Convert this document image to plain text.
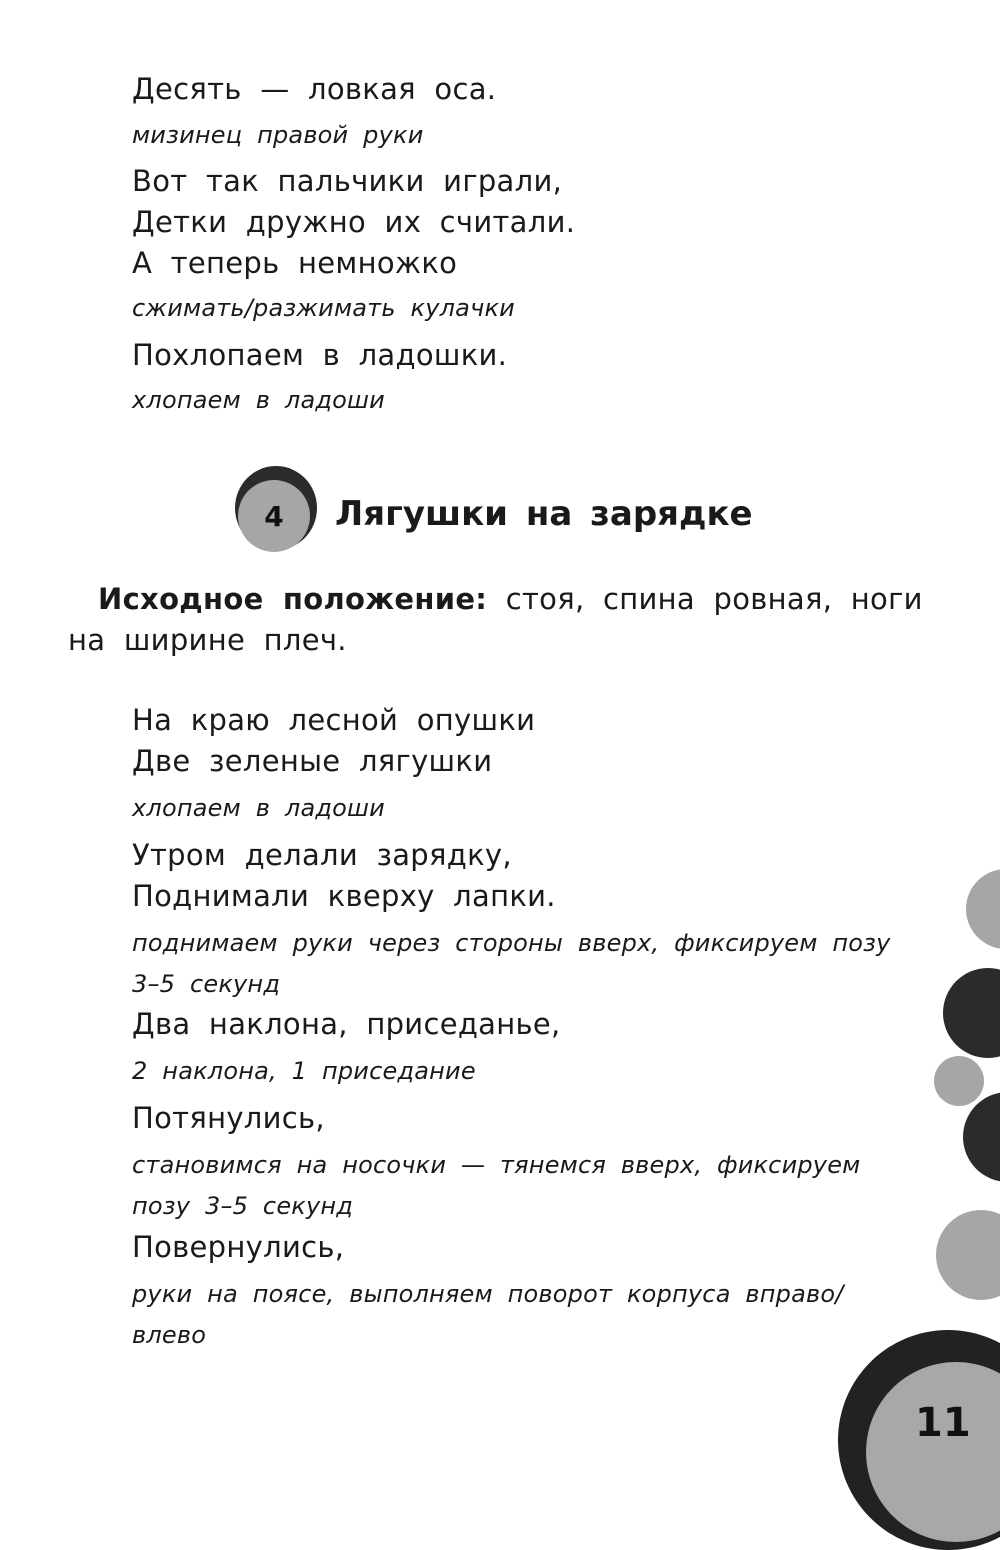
Десять — ловкая оса.
мизинец правой руки
Вот так пальчики играли,
Детки дружно их считали.
А теперь немножко
сжимать/разжимать кулачки
Похлопаем в ладошки.
хлопаем в ладоши
4	Лягушки на зарядке
Исходное положение: стоя, спина ровная, ноги
на ширине плеч.
На краю лесной опушки
Две зеленые лягушки
хлопаем в ладоши
Утром делали зарядку,
Поднимали кверху лапки.
поднимаем руки через стороны вверх, фиксируем позу
3–5 секунд
Два наклона, приседанье,
2 наклона, 1 приседание
Потянулись,
становимся на носочки — тянемся вверх, фиксируем
позу 3–5 секунд
Повернулись,
руки на поясе, выполняем поворот корпуса вправо/
влево
11
